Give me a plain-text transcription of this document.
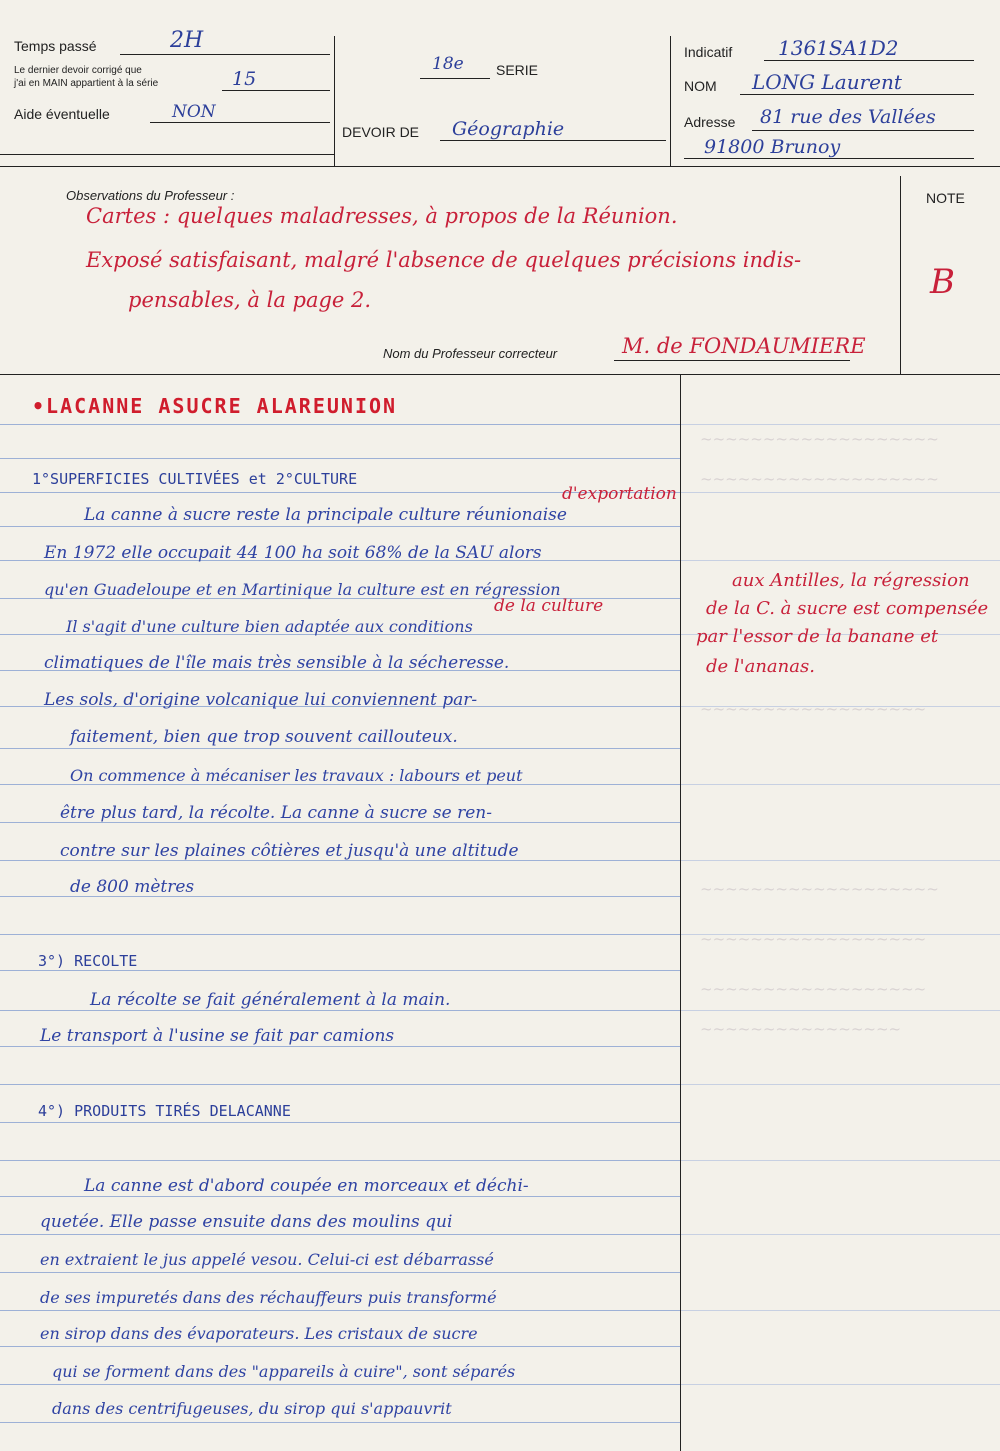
~~~~~~~~~~~~~~~~~~~
~~~~~~~~~~~~~~~~~~~
~~~~~~~~~~~~~~~~~~
~~~~~~~~~~~~~~~~~~~
~~~~~~~~~~~~~~~~~~
~~~~~~~~~~~~~~~~~~
~~~~~~~~~~~~~~~~
Temps passé	2H
Le dernier devoir corrigé que
j'ai en MAIN appartient à la série	15
Aide éventuelle	NON
18e SERIE
DEVOIR DE Géographie
Indicatif 1361SA1D2
NOM LONG Laurent
Adresse 81 rue des Vallées
91800 Brunoy
Observations du Professeur :
Cartes : quelques maladresses, à propos de la Réunion.
Exposé satisfaisant, malgré l'absence de quelques précisions indis-
pensables, à la page 2.
NOTE
B
Nom du Professeur correcteur	M. de FONDAUMIERE
•LACANNE ASUCRE ALAREUNION
1°SUPERFICIES CULTIVÉES et 2°CULTURE
d'exportation
La canne à sucre reste la principale culture réunionaise
En 1972 elle occupait 44 100 ha soit 68% de la SAU alors
qu'en Guadeloupe et en Martinique la culture est en régression
de la culture
Il s'agit d'une culture bien adaptée aux conditions
climatiques de l'île mais très sensible à la sécheresse.
Les sols, d'origine volcanique lui conviennent par-
faitement, bien que trop souvent caillouteux.
On commence à mécaniser les travaux : labours et peut
être plus tard, la récolte. La canne à sucre se ren-
contre sur les plaines côtières et jusqu'à une altitude
de 800 mètres
aux Antilles, la régression
de la C. à sucre est compensée
par l'essor de la banane et
de l'ananas.
3°) RECOLTE
La récolte se fait généralement à la main.
Le transport à l'usine se fait par camions
4°) PRODUITS TIRÉS DELACANNE
La canne est d'abord coupée en morceaux et déchi-
quetée. Elle passe ensuite dans des moulins qui
en extraient le jus appelé vesou. Celui-ci est débarrassé
de ses impuretés dans des réchauffeurs puis transformé
en sirop dans des évaporateurs. Les cristaux de sucre
qui se forment dans des "appareils à cuire", sont séparés
dans des centrifugeuses, du sirop qui s'appauvrit
